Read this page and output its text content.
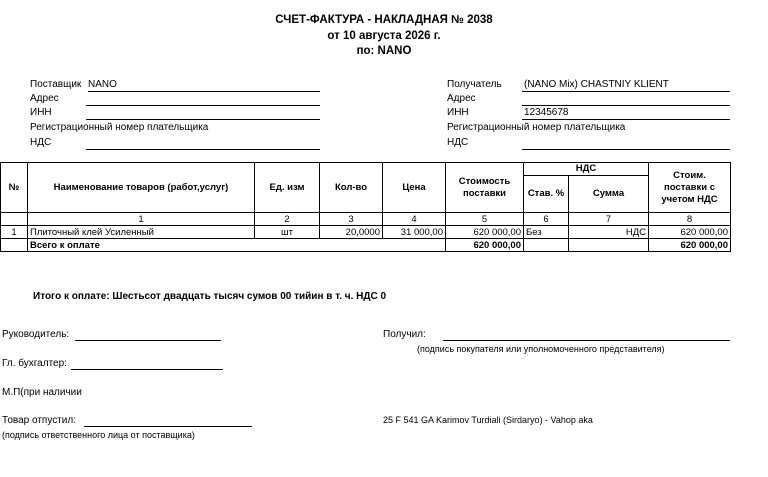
СЧЕТ-ФАКТУРА - НАКЛАДНАЯ № 2038
от 10 августа 2026 г.
по: NANO
Поставщик NANO
Адрес
ИНН
Регистрационный номер плательщика
НДС
Получатель (NANO Mix) CHASTNIY KLIENT
Адрес
ИНН	12345678
Регистрационный номер плательщика
НДС
№	Наименование товаров (работ,услуг)	Ед. изм	Кол-во	Цена	Стоимость поставки	НДС		Стоим. поставки с учетом НДС
						Став. %	Сумма	
	1	2	3	4	5	6	7	8
1	Плиточный клей Усиленный	шт	20,0000	31 000,00	620 000,00	Без	НДС	620 000,00
	Всего к оплате				620 000,00			620 000,00
Итого к оплате: Шестьсот двадцать тысяч сумов 00 тийин в т. ч. НДС 0
Руководитель:
Гл. бухгалтер:
М.П(при наличии
Товар отпустил:
(подпись ответственного лица от поставщика)
Получил:
(подпись покупателя или уполномоченного представителя)
25 F 541 GA Karimov Turdiali (Sirdaryo) - Vahop aka
